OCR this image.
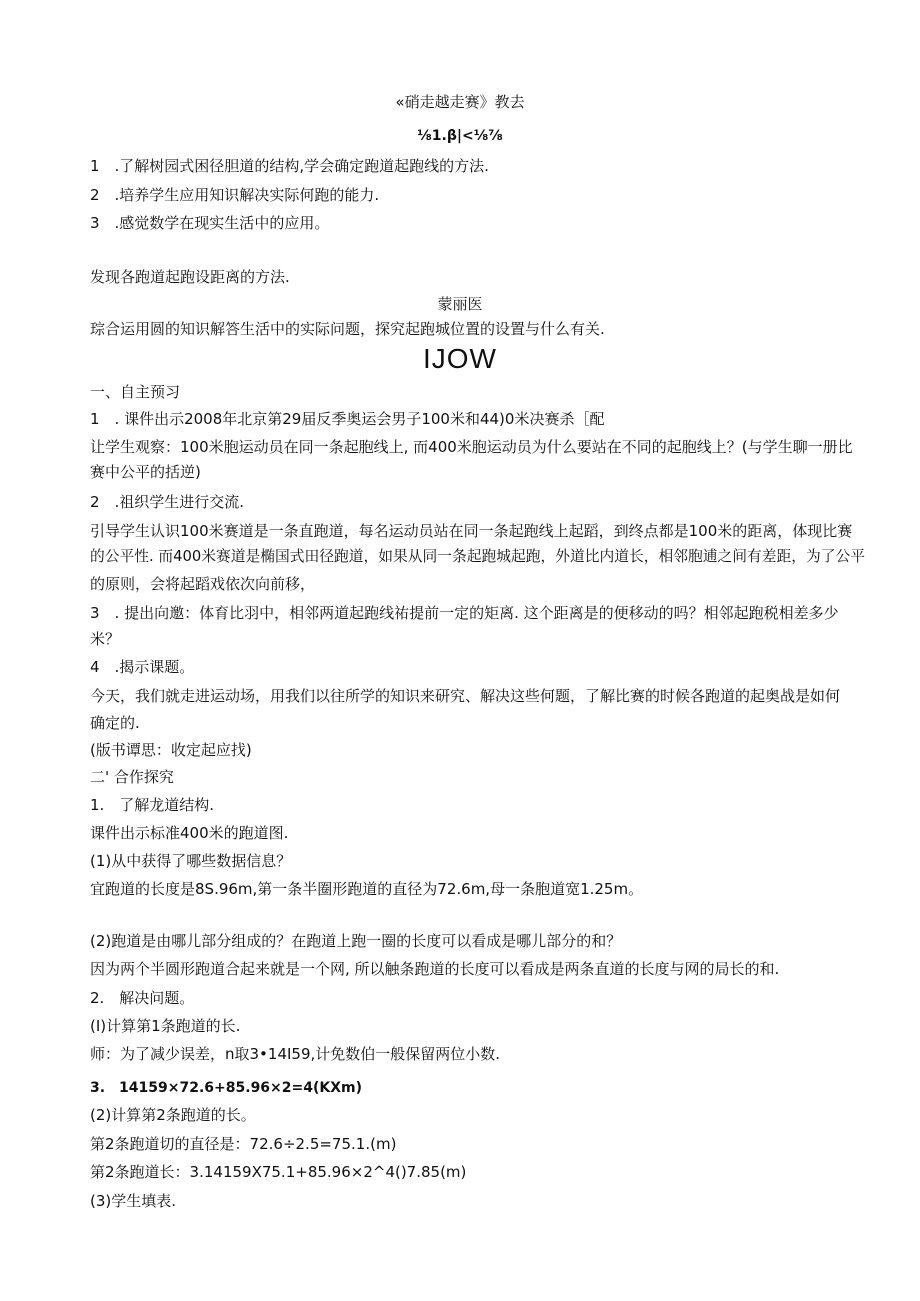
«硝走越走赛》教去
⅛1.β|<⅛⅞
1　.了解树园式困径胆道的结构,学会确定跑道起跑线的方法.
2　.培养学生应用知识解决实际何跑的能力.
3　.感觉数学在现实生活中的应用。
发现各跑道起跑设距离的方法.
蒙丽医
琮合运用圆的知识解答生活中的实际问题，探究起跑城位置的设置与什么有关.
IJOW
一、自主预习
1　. 课件出示2008年北京第29届反季奥运会男子100米和44)0米决赛杀［配
让学生观察：100米胞运动员在同一条起胞线上, 而400米胞运动员为什么要站在不同的起胞线上？(与学生聊一册比
赛中公平的括逆)
2　.祖织学生进行交流.
引导学生认识100米赛道是一条直跑道，每名运动员站在同一条起跑线上起蹈，到终点都是100米的距离，体现比赛
的公平性. 而400米赛道是椭国式田径跑道，如果从同一条起跑城起跑，外道比内道长，相邻胞逋之间有差距，为了公平
的原则，会将起蹈戏依次向前移，
3　. 提出向邀：体育比羽中，相邻两道起跑线祐提前一定的矩离. 这个距离是的便移动的吗？相邻起跑税相差多少
米？
4　.揭示课题。
今天，我们就走进运动场，用我们以往所学的知识来研究、解决这些何题，了解比赛的时候各跑道的起奥战是如何
确定的.
(版书谭思：收定起应找)
二' 合作探究
1.　了解龙道结构.
课件出示标准400米的跑道图.
(1)从中获得了哪些数据信息？
宜跑道的长度是8S.96m,第一条半圈形跑道的直径为72.6m,母一条胞道宽1.25m。
(2)跑道是由哪儿部分组成的？在跑道上跑一圈的长度可以看成是哪儿部分的和？
因为两个半圆形跑道合起来就是一个网, 所以触条跑道的长度可以看成是两条直道的长度与网的局长的和.
2.　解决问题。
(I)计算第1条跑道的长.
师：为了减少误差，n取3•14I59,计免数伯一般保留两位小数.
3.　14159×72.6+85.96×2=4(KXm)
(2)计算第2条跑道的长。
第2条跑道切的直径是：72.6÷2.5=75.1.(m)
第2条跑道长：3.14159X75.1+85.96×2^4()7.85(m)
(3)学生填表.
